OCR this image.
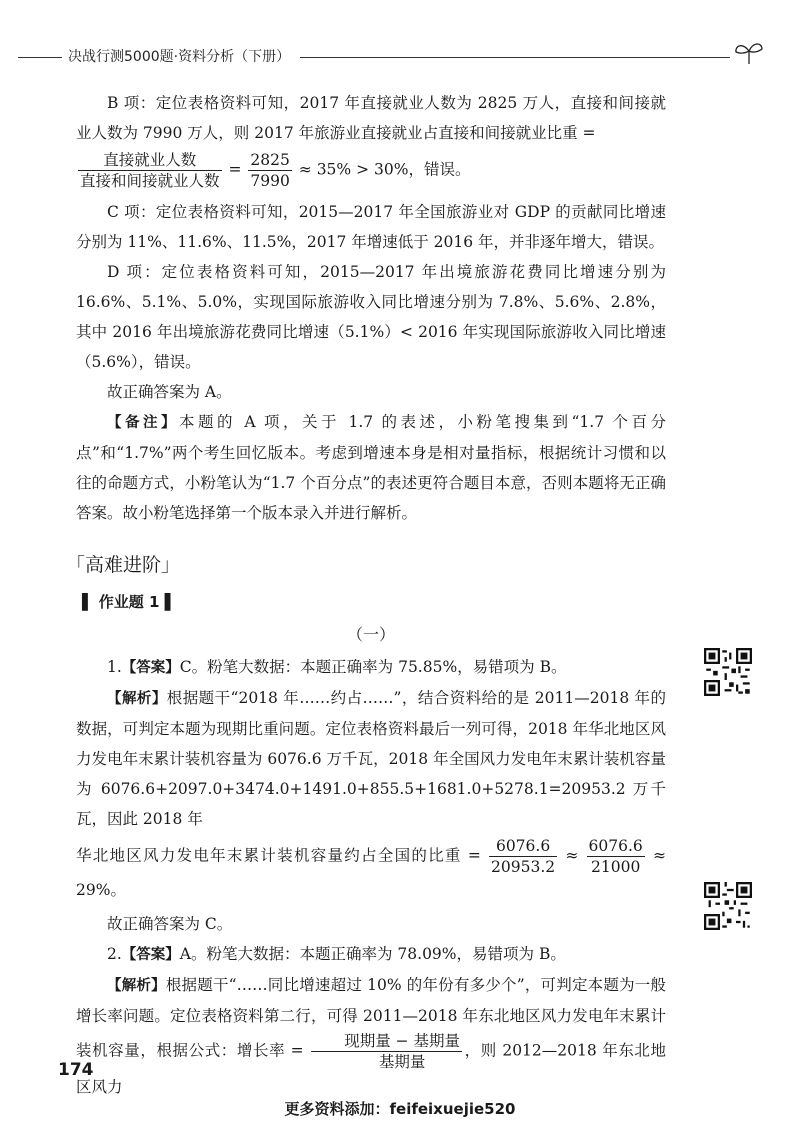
决战行测5000题·资料分析（下册）

B 项：定位表格资料可知，2017 年直接就业人数为 2825 万人，直接和间接就业人数为 7990 万人，则 2017 年旅游业直接就业占直接和间接就业比重 =

$\frac{\text{直接就业人数}}{\text{直接和间接就业人数}} = \frac{2825}{7990} \approx 35\% > 30\%$，错误。

C 项：定位表格资料可知，2015—2017 年全国旅游业对 GDP 的贡献同比增速分别为 11%、11.6%、11.5%，2017 年增速低于 2016 年，并非逐年增大，错误。

D 项：定位表格资料可知，2015—2017 年出境旅游花费同比增速分别为 16.6%、5.1%、5.0%，实现国际旅游收入同比增速分别为 7.8%、5.6%、2.8%，其中 2016 年出境旅游花费同比增速（5.1%）< 2016 年实现国际旅游收入同比增速（5.6%），错误。

故正确答案为 A。

【备注】本题的 A 项，关于 1.7 的表述，小粉笔搜集到“1.7 个百分点”和“1.7%”两个考生回忆版本。考虑到增速本身是相对量指标，根据统计习惯和以往的命题方式，小粉笔认为“1.7 个百分点”的表述更符合题目本意，否则本题将无正确答案。故小粉笔选择第一个版本录入并进行解析。

「高难进阶」
▌ 作业题 1 ▌
（一）

1.【答案】C。粉笔大数据：本题正确率为 75.85%，易错项为 B。

【解析】根据题干“2018 年……约占……”，结合资料给的是 2011—2018 年的数据，可判定本题为现期比重问题。定位表格资料最后一列可得，2018 年华北地区风力发电年末累计装机容量为 6076.6 万千瓦，2018 年全国风力发电年末累计装机容量为 6076.6+2097.0+3474.0+1491.0+855.5+1681.0+5278.1=20953.2 万千瓦，因此 2018 年

华北地区风力发电年末累计装机容量约占全国的比重 = $\frac{6076.6}{20953.2} \approx \frac{6076.6}{21000} \approx 29\%$。

故正确答案为 C。

2.【答案】A。粉笔大数据：本题正确率为 78.09%，易错项为 B。

【解析】根据题干“……同比增速超过 10% 的年份有多少个”，可判定本题为一般增长率问题。定位表格资料第二行，可得 2011—2018 年东北地区风力发电年末累计装机容量，根据公式：增长率 = $\frac{\text{现期量 − 基期量}}{\text{基期量}}$ ，则 2012—2018 年东北地区风力

174
更多资料添加：feifeixuejie520
